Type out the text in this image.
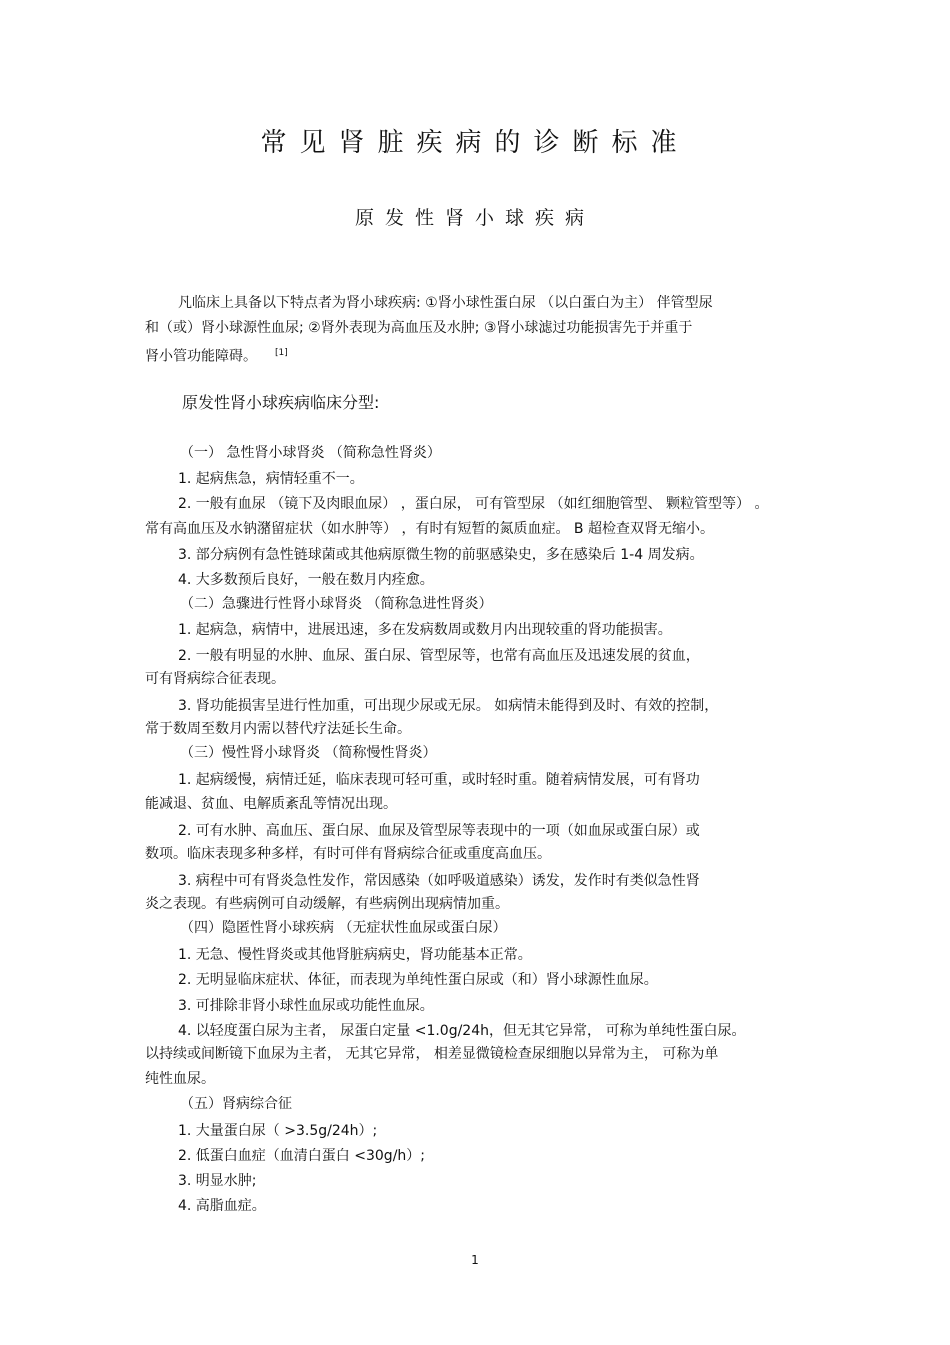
常见肾脏疾病的诊断标准
原发性肾小球疾病
凡临床上具备以下特点者为肾小球疾病: ①肾小球性蛋白尿 （以白蛋白为主） 伴管型尿
和（或）肾小球源性血尿; ②肾外表现为高血压及水肿; ③肾小球滤过功能损害先于并重于
肾小管功能障碍。 [1]
原发性肾小球疾病临床分型:
（一） 急性肾小球肾炎 （简称急性肾炎）
1. 起病焦急，病情轻重不一。
2. 一般有血尿 （镜下及肉眼血尿） ，蛋白尿， 可有管型尿 （如红细胞管型、 颗粒管型等） 。
常有高血压及水钠潴留症状（如水肿等） ，有时有短暂的氮质血症。 B 超检查双肾无缩小。
3. 部分病例有急性链球菌或其他病原微生物的前驱感染史，多在感染后 1-4 周发病。
4. 大多数预后良好，一般在数月内痊愈。
（二）急骤进行性肾小球肾炎 （简称急进性肾炎）
1. 起病急，病情中，进展迅速，多在发病数周或数月内出现较重的肾功能损害。
2. 一般有明显的水肿、血尿、蛋白尿、管型尿等，也常有高血压及迅速发展的贫血，
可有肾病综合征表现。
3. 肾功能损害呈进行性加重，可出现少尿或无尿。 如病情未能得到及时、有效的控制，
常于数周至数月内需以替代疗法延长生命。
（三）慢性肾小球肾炎 （简称慢性肾炎）
1. 起病缓慢，病情迁延，临床表现可轻可重，或时轻时重。随着病情发展，可有肾功
能减退、贫血、电解质紊乱等情况出现。
2. 可有水肿、高血压、蛋白尿、血尿及管型尿等表现中的一项（如血尿或蛋白尿）或
数项。临床表现多种多样，有时可伴有肾病综合征或重度高血压。
3. 病程中可有肾炎急性发作，常因感染（如呼吸道感染）诱发，发作时有类似急性肾
炎之表现。有些病例可自动缓解，有些病例出现病情加重。
（四）隐匿性肾小球疾病 （无症状性血尿或蛋白尿）
1. 无急、慢性肾炎或其他肾脏病病史，肾功能基本正常。
2. 无明显临床症状、体征，而表现为单纯性蛋白尿或（和）肾小球源性血尿。
3. 可排除非肾小球性血尿或功能性血尿。
4. 以轻度蛋白尿为主者， 尿蛋白定量 <1.0g/24h，但无其它异常， 可称为单纯性蛋白尿。
以持续或间断镜下血尿为主者， 无其它异常， 相差显微镜检查尿细胞以异常为主， 可称为单
纯性血尿。
（五）肾病综合征
1. 大量蛋白尿（ >3.5g/24h）;
2. 低蛋白血症（血清白蛋白 <30g/h）;
3. 明显水肿;
4. 高脂血症。
1
